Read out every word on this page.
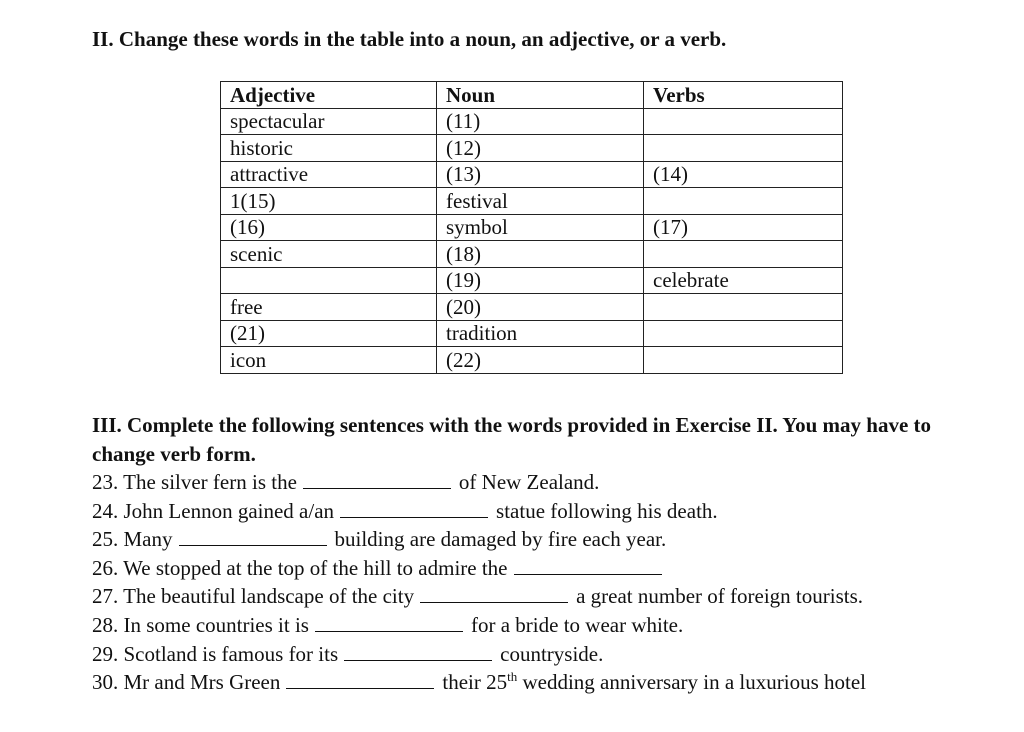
II. Change these words in the table into a noun, an adjective, or a verb.
Adjective	Noun	Verbs
spectacular	(11)	
historic	(12)	
attractive	(13)	(14)
1(15)	festival	
(16)	symbol	(17)
scenic	(18)	
	(19)	celebrate
free	(20)	
(21)	tradition	
icon	(22)	
III. Complete the following sentences with the words provided in Exercise II. You may have to change verb form.
23. The silver fern is the	of New Zealand.
24. John Lennon gained a/an	statue following his death.
25. Many	building are damaged by fire each year.
26. We stopped at the top of the hill to admire the
27. The beautiful landscape of the city	a great number of foreign tourists.
28. In some countries it is	for a bride to wear white.
29. Scotland is famous for its	countryside.
30. Mr and Mrs Green	their 25th wedding anniversary in a luxurious hotel
